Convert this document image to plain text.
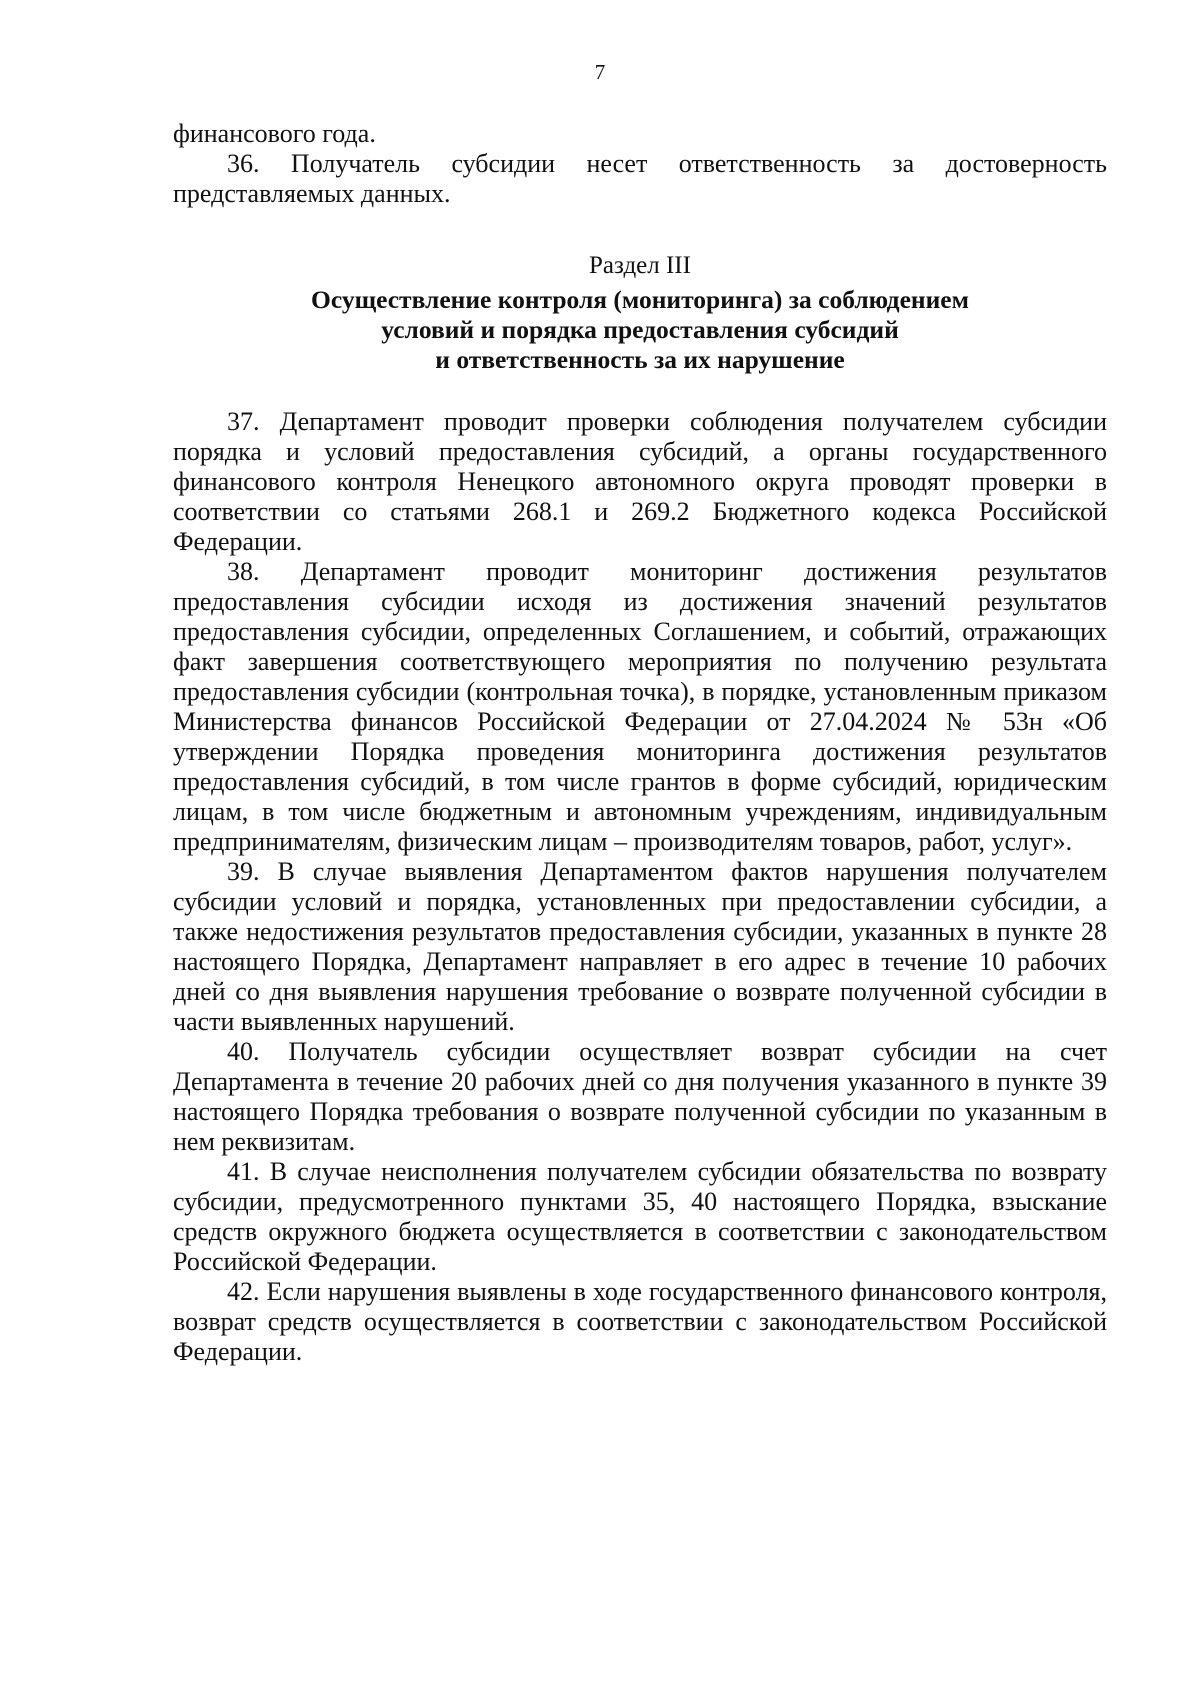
7

финансового года.

36. Получатель субсидии несет ответственность за достоверность представляемых данных.

Раздел III

Осуществление контроля (мониторинга) за соблюдением

условий и порядка предоставления субсидий

и ответственность за их нарушение

37. Департамент проводит проверки соблюдения получателем субсидии порядка и условий предоставления субсидий, а органы государственного финансового контроля Ненецкого автономного округа проводят проверки в соответствии со статьями 268.1 и 269.2 Бюджетного кодекса Российской Федерации.

38. Департамент проводит мониторинг достижения результатов предоставления субсидии исходя из достижения значений результатов предоставления субсидии, определенных Соглашением, и событий, отражающих факт завершения соответствующего мероприятия по получению результата предоставления субсидии (контрольная точка), в порядке, установленным приказом Министерства финансов Российской Федерации от 27.04.2024 № 53н «Об утверждении Порядка проведения мониторинга достижения результатов предоставления субсидий, в том числе грантов в форме субсидий, юридическим лицам, в том числе бюджетным и автономным учреждениям, индивидуальным предпринимателям, физическим лицам – производителям товаров, работ, услуг».

39. В случае выявления Департаментом фактов нарушения получателем субсидии условий и порядка, установленных при предоставлении субсидии, а также недостижения результатов предоставления субсидии, указанных в пункте 28 настоящего Порядка, Департамент направляет в его адрес в течение 10 рабочих дней со дня выявления нарушения требование о возврате полученной субсидии в части выявленных нарушений.

40. Получатель субсидии осуществляет возврат субсидии на счет Департамента в течение 20 рабочих дней со дня получения указанного в пункте 39 настоящего Порядка требования о возврате полученной субсидии по указанным в нем реквизитам.

41. В случае неисполнения получателем субсидии обязательства по возврату субсидии, предусмотренного пунктами 35, 40 настоящего Порядка, взыскание средств окружного бюджета осуществляется в соответствии с законодательством Российской Федерации.

42. Если нарушения выявлены в ходе государственного финансового контроля, возврат средств осуществляется в соответствии с законодательством Российской Федерации.
